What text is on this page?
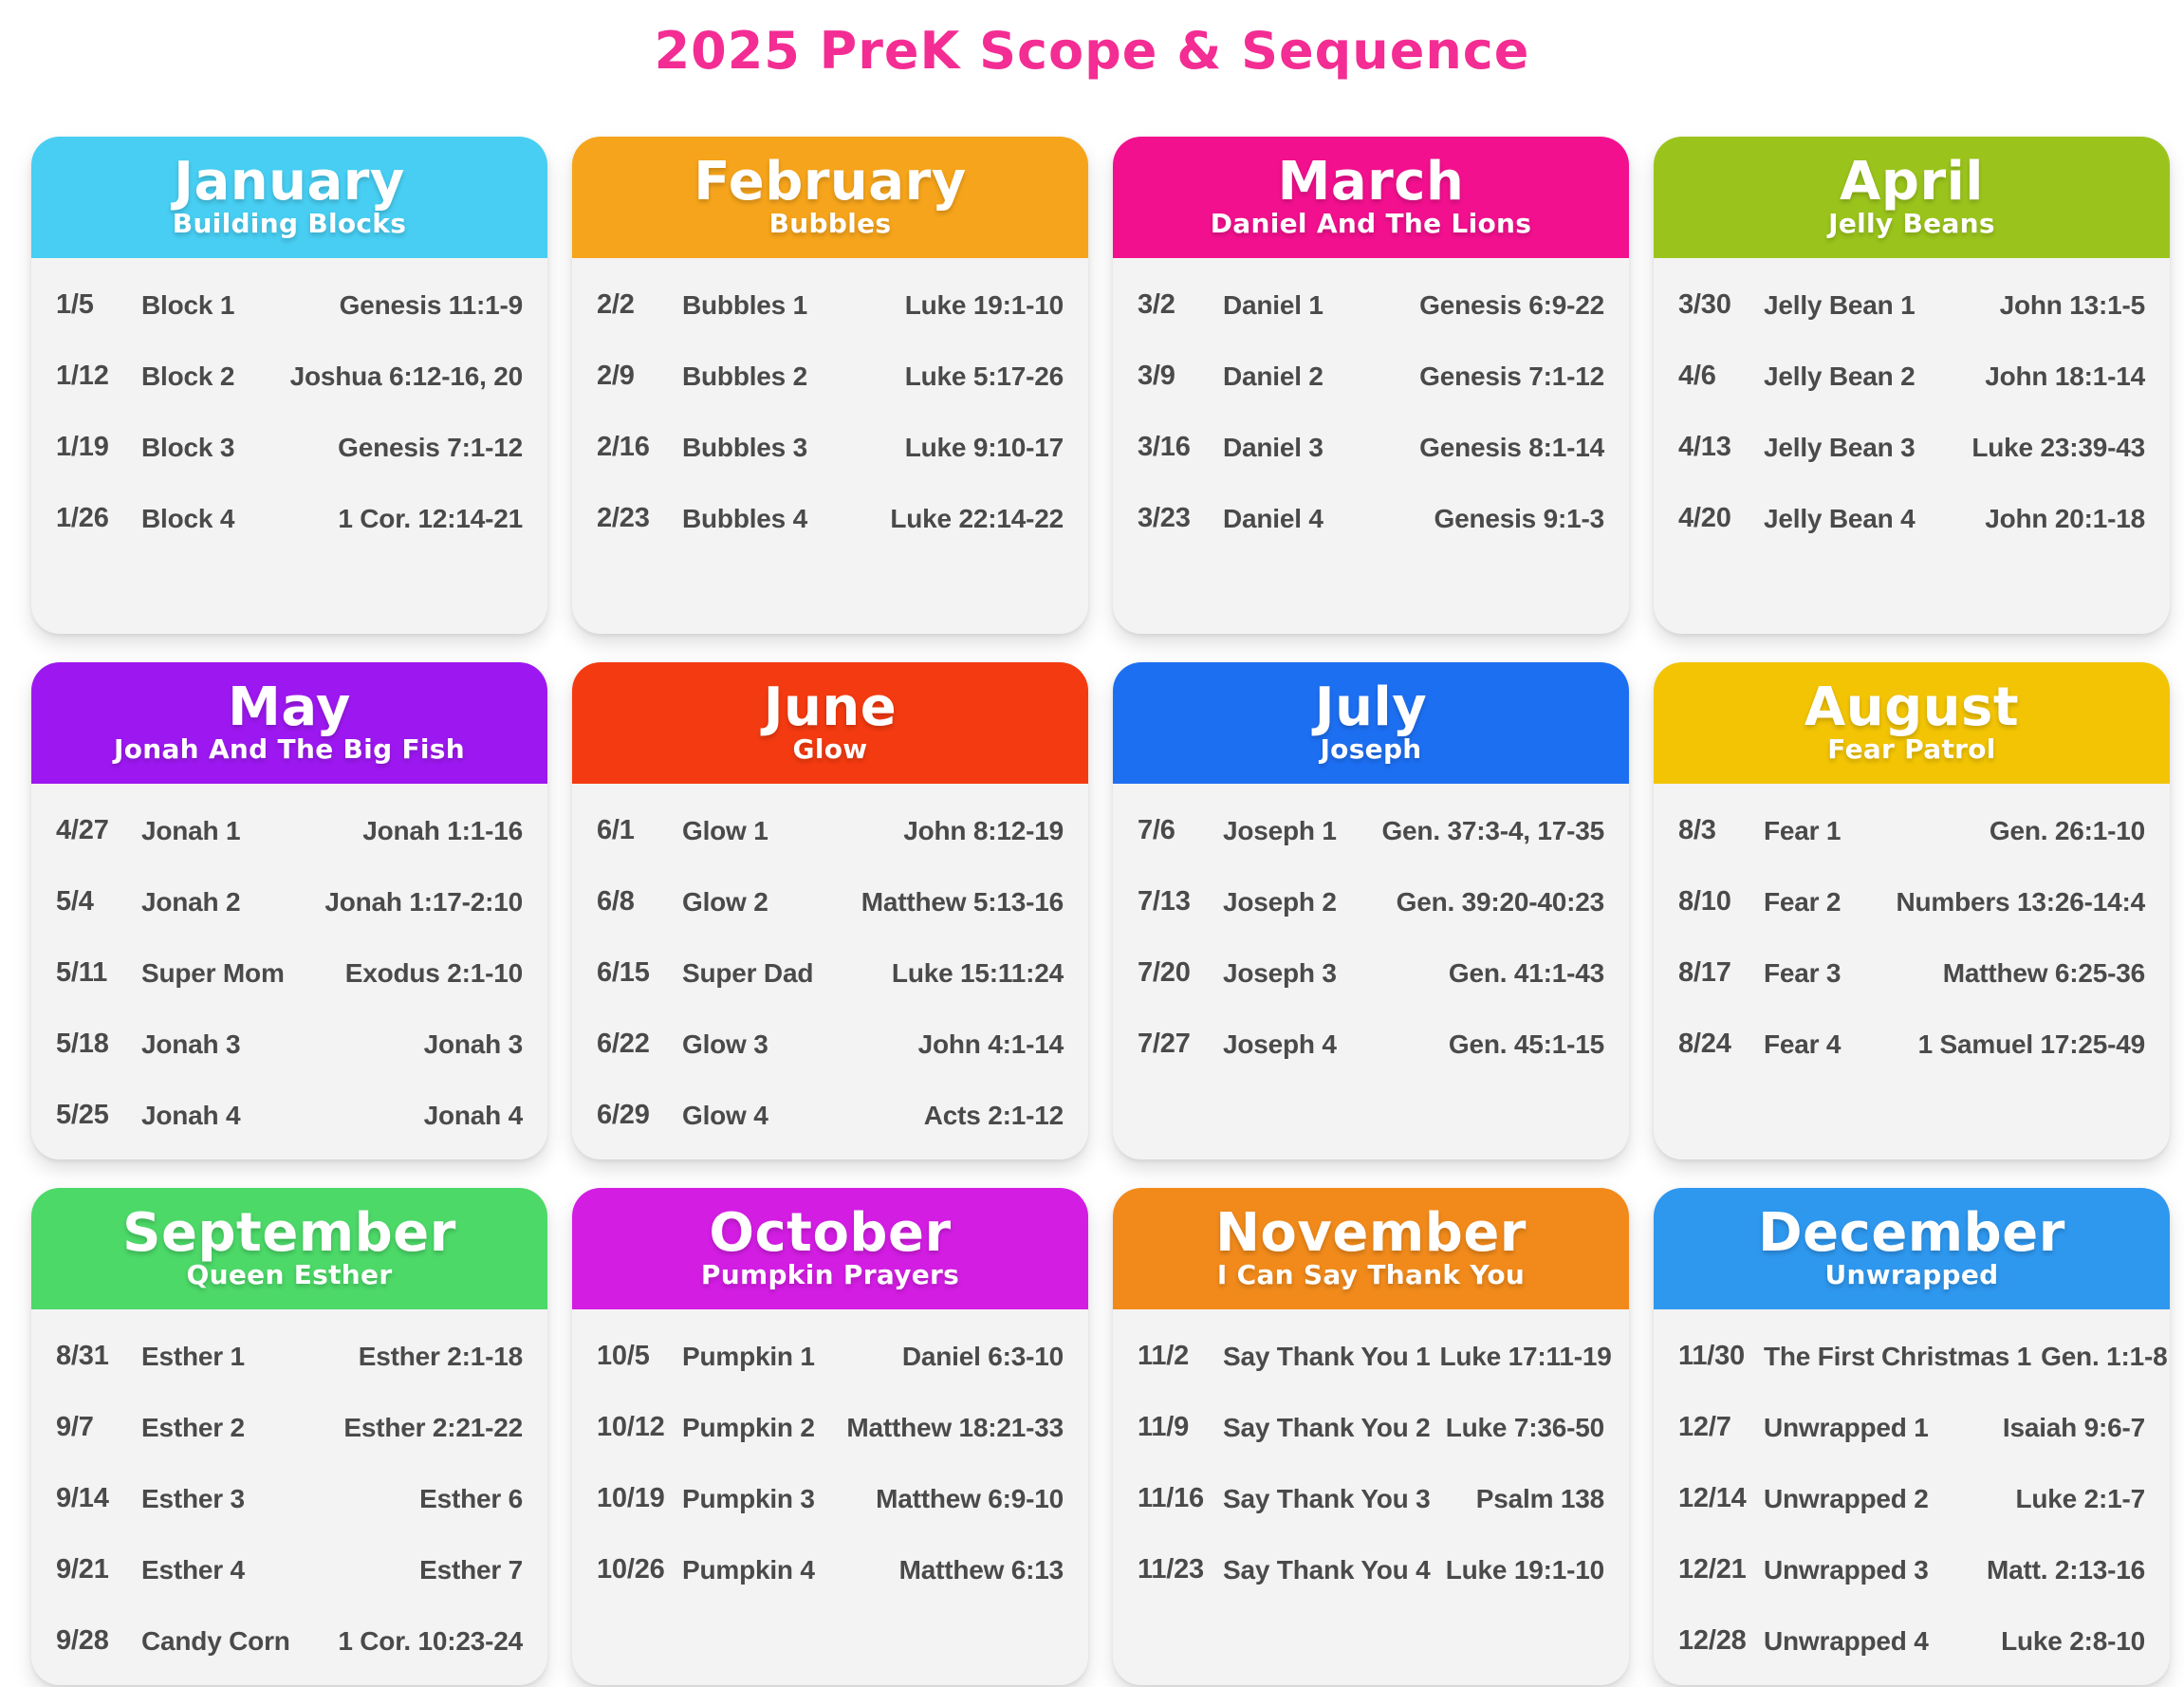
2025 PreK Scope & Sequence
January
Building Blocks
1/5	Block 1	Genesis 11:1-9
1/12	Block 2	Joshua 6:12-16, 20
1/19	Block 3	Genesis 7:1-12
1/26	Block 4	1 Cor. 12:14-21
February
Bubbles
2/2	Bubbles 1	Luke 19:1-10
2/9	Bubbles 2	Luke 5:17-26
2/16	Bubbles 3	Luke 9:10-17
2/23	Bubbles 4	Luke 22:14-22
March
Daniel And The Lions
3/2	Daniel 1	Genesis 6:9-22
3/9	Daniel 2	Genesis 7:1-12
3/16	Daniel 3	Genesis 8:1-14
3/23	Daniel 4	Genesis 9:1-3
April
Jelly Beans
3/30	Jelly Bean 1	John 13:1-5
4/6	Jelly Bean 2	John 18:1-14
4/13	Jelly Bean 3	Luke 23:39-43
4/20	Jelly Bean 4	John 20:1-18
May
Jonah And The Big Fish
4/27	Jonah 1	Jonah 1:1-16
5/4	Jonah 2	Jonah 1:17-2:10
5/11	Super Mom	Exodus 2:1-10
5/18	Jonah 3	Jonah 3
5/25	Jonah 4	Jonah 4
June
Glow
6/1	Glow 1	John 8:12-19
6/8	Glow 2	Matthew 5:13-16
6/15	Super Dad	Luke 15:11:24
6/22	Glow 3	John 4:1-14
6/29	Glow 4	Acts 2:1-12
July
Joseph
7/6	Joseph 1	Gen. 37:3-4, 17-35
7/13	Joseph 2	Gen. 39:20-40:23
7/20	Joseph 3	Gen. 41:1-43
7/27	Joseph 4	Gen. 45:1-15
August
Fear Patrol
8/3	Fear 1	Gen. 26:1-10
8/10	Fear 2	Numbers 13:26-14:4
8/17	Fear 3	Matthew 6:25-36
8/24	Fear 4	1 Samuel 17:25-49
September
Queen Esther
8/31	Esther 1	Esther 2:1-18
9/7	Esther 2	Esther 2:21-22
9/14	Esther 3	Esther 6
9/21	Esther 4	Esther 7
9/28	Candy Corn	1 Cor. 10:23-24
October
Pumpkin Prayers
10/5	Pumpkin 1	Daniel 6:3-10
10/12 Pumpkin 2	Matthew 18:21-33
10/19 Pumpkin 3	Matthew 6:9-10
10/26 Pumpkin 4	Matthew 6:13
November
I Can Say Thank You
11/2	Say Thank You 1 Luke 17:11-19
11/9	Say Thank You 2 Luke 7:36-50
11/16 Say Thank You 3	Psalm 138
11/23 Say Thank You 4 Luke 19:1-10
December
Unwrapped
11/30 The First Christmas 1 Gen. 1:1-8
12/7	Unwrapped 1	Isaiah 9:6-7
12/14 Unwrapped 2	Luke 2:1-7
12/21 Unwrapped 3	Matt. 2:13-16
12/28 Unwrapped 4	Luke 2:8-10
